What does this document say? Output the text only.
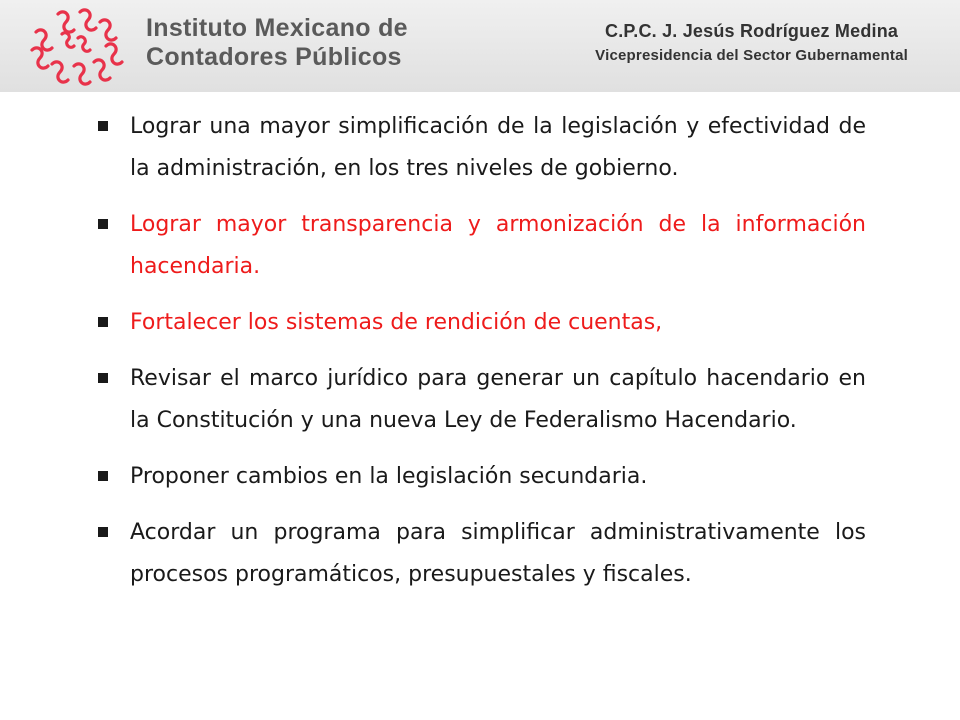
Instituto Mexicano de
Contadores Públicos
C.P.C. J. Jesús Rodríguez Medina
Vicepresidencia del Sector Gubernamental
Lograr una mayor simplificación de la legislación y efectividad de la administración, en los tres niveles de gobierno.
Lograr mayor transparencia y armonización de la información hacendaria.
Fortalecer los sistemas de rendición de cuentas,
Revisar el marco jurídico para generar un capítulo hacendario en la Constitución y una nueva Ley de Federalismo Hacendario.
Proponer cambios en la legislación secundaria.
Acordar un programa para simplificar administrativamente los procesos programáticos, presupuestales y fiscales.
